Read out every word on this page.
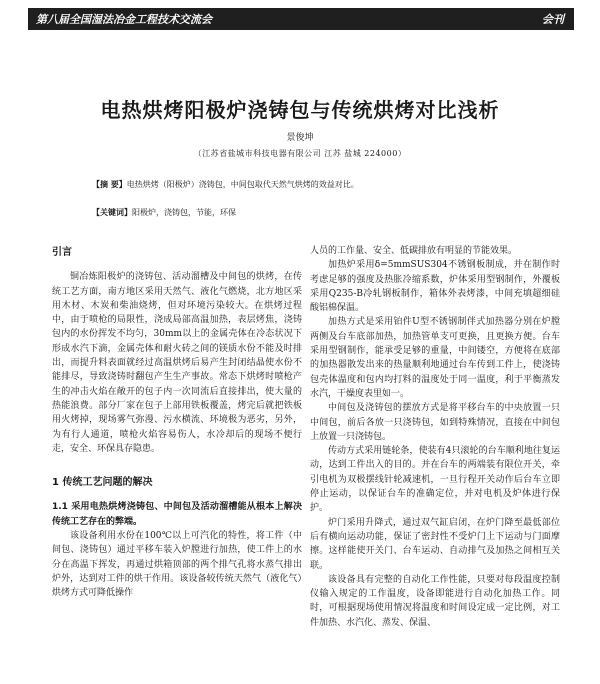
第八届全国湿法冶金工程技术交流会	会刊
电热烘烤阳极炉浇铸包与传统烘烤对比浅析
景俊坤
（江苏省盐城市科技电器有限公司 江苏 盐城 224000）
【摘 要】电热烘烤（阳极炉）浇铸包，中间包取代天然气烘烤的效益对比。
【关键词】阳极炉，浇铸包，节能，环保
引言
铜冶炼阳极炉的浇铸包、活动溜槽及中间包的烘烤，在传统工艺方面，南方地区采用天然气、液化气燃烧，北方地区采用木材、木炭和柴油烧烤，但对环境污染较大。在烘烤过程中，由于喷枪的局限性，浇成局部高温加热，表层烤焦，浇铸包内的水份挥发不均匀，30mm以上的金属壳体在冷态状况下形成水汽下滴，金属壳体和耐火砖之间的镁质水份不能及时排出，而提升料表面就经过高温烘烤后易产生封闭结晶使水份不能排尽，导致浇铸时翻包产生生产事故。常态下烘烤时喷枪产生的冲击火焰在敞开的包子内一次同流后直接排出，使大量的热能浪费。部分厂家在包子上部用铁板覆盖，烤完后就把铁板用火烤掉，现场雾气弥漫、污水横流、环境极为恶劣，另外，为有行人通道，喷枪火焰容易伤人，水冷却后的现场不便行走，安全、环保具存隐患。
1 传统工艺问题的解决
1.1 采用电热烘烤浇铸包、中间包及活动溜槽能从根本上解决传统工艺存在的弊端。
该设备利用水份在100℃以上可汽化的特性，将工件（中间包、浇铸包）通过平移车装入炉膛进行加热，使工件上的水分在高温下挥发，再通过烘箱顶部的两个排气孔将水蒸气排出炉外，达到对工件的烘干作用。该设备较传统天然气（液化气）烘烤方式可降低操作
人员的工作量、安全、低碳排放有明显的节能效果。
加热炉采用δ=5mmSUS304不锈钢板制成，并在制作时考虑足够的强度及热胀冷缩系数，炉体采用型钢制作，外覆板采用Q235-B冷轧钢板制作，箱体外表烤漆，中间充填超细硅酸铝棉保温。
加热方式是采用铂件U型不锈钢制伴式加热器分别在炉膛两侧及台车底部加热，加热管单支可更换，且更换方便。台车采用型钢制作，能承受足够的重量，中间镂空，方便将在底部的加热器散发出来的热量顺利地通过台车传到工件上，使浇铸包壳体温度和包内均打料的温度处于同一温度，利于平衡蒸发水汽，干燥度表里如一。
中间包及浇铸包的摆放方式是将平移台车的中央放置一只中间包，前后各放一只浇铸包，如到特殊情况，直接在中间包上放置一只浇铸包。
传动方式采用链轮条，使装有4只滚轮的台车顺利地往复运动，达到工件出入的目的。并在台车的两端装有限位开关，牵引电机为双极摆线针轮减速机，一旦行程开关动作后台车立即停止运动，以保证台车的准确定位，并对电机及炉体进行保护。
炉门采用升降式，通过双气缸启闭，在炉门降至最低部位后有横向运动功能，保证了密封性不受炉门上下运动与门面摩擦。这样能使开关门、台车运动、自动排气及加热之间相互关联。
该设备具有完整的自动化工作性能，只要对每段温度控制仪输入规定的工作温度，设备即能进行自动化加热工作。同时，可根据现场使用情况将温度和时间设定成一定比例，对工件加热、水汽化、蒸发、保温、
